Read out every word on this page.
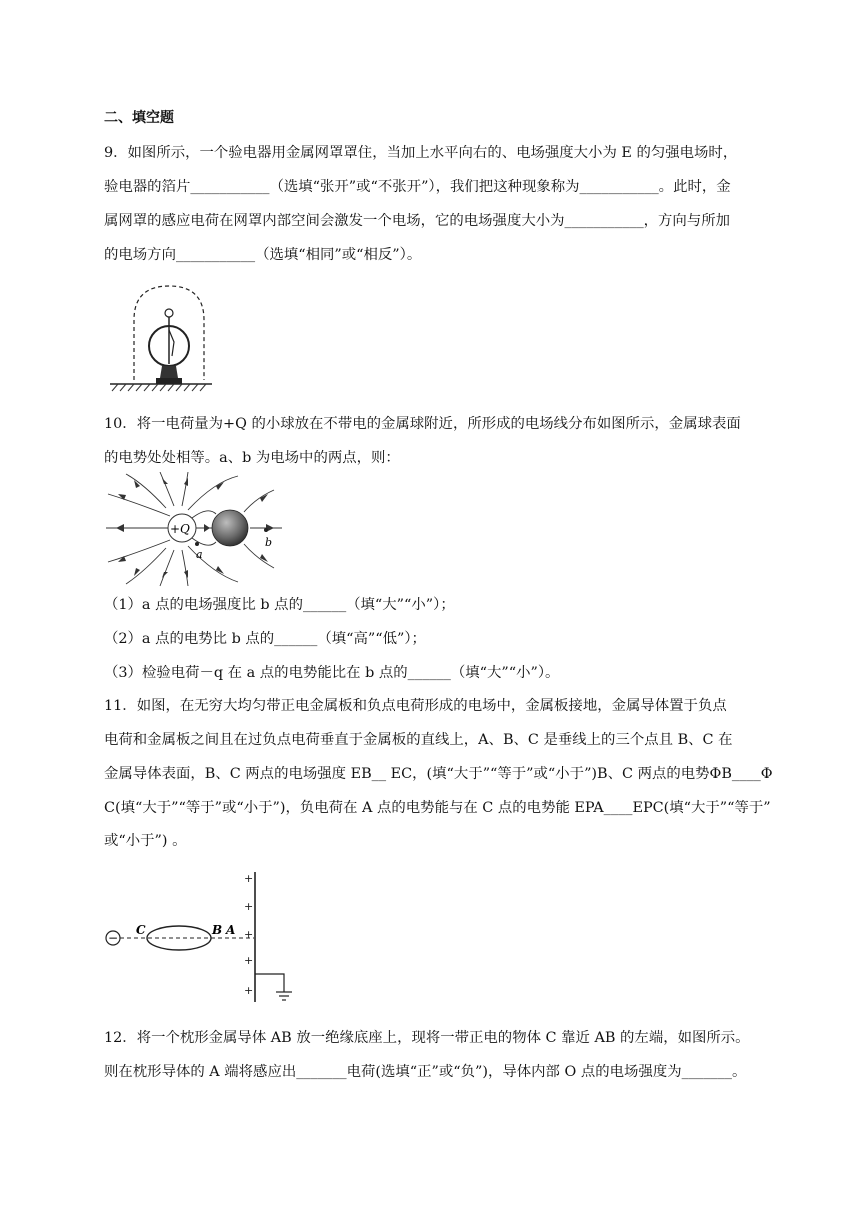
二、填空题
9．如图所示，一个验电器用金属网罩罩住，当加上水平向右的、电场强度大小为 E 的匀强电场时，
验电器的箔片___________（选填“张开”或“不张开”），我们把这种现象称为___________。此时，金
属网罩的感应电荷在网罩内部空间会激发一个电场，它的电场强度大小为___________，方向与所加
的电场方向___________（选填“相同”或“相反”）。
10．将一电荷量为+Q 的小球放在不带电的金属球附近，所形成的电场线分布如图所示，金属球表面
的电势处处相等。a、b 为电场中的两点，则：
+Q
a
b
（1）a 点的电场强度比 b 点的______（填“大”“小”）；
（2）a 点的电势比 b 点的______（填“高”“低”）；
（3）检验电荷－q 在 a 点的电势能比在 b 点的______（填“大”“小”）。
11．如图，在无穷大均匀带正电金属板和负点电荷形成的电场中，金属板接地，金属导体置于负点
电荷和金属板之间且在过负点电荷垂直于金属板的直线上，A、B、C 是垂线上的三个点且 B、C 在
金属导体表面，B、C 两点的电场强度 EB__ EC，(填“大于”“等于”或“小于”)B、C 两点的电势ΦB____Φ
C(填“大于”“等于”或“小于”)，负电荷在 A 点的电势能与在 C 点的电势能 EPA____EPC(填“大于”“等于”
或“小于”) 。
−
C	B A
+
+
+
+
+
12．将一个枕形金属导体 AB 放一绝缘底座上，现将一带正电的物体 C 靠近 AB 的左端，如图所示。
则在枕形导体的 A 端将感应出_______电荷(选填“正”或“负”)，导体内部 O 点的电场强度为_______。
